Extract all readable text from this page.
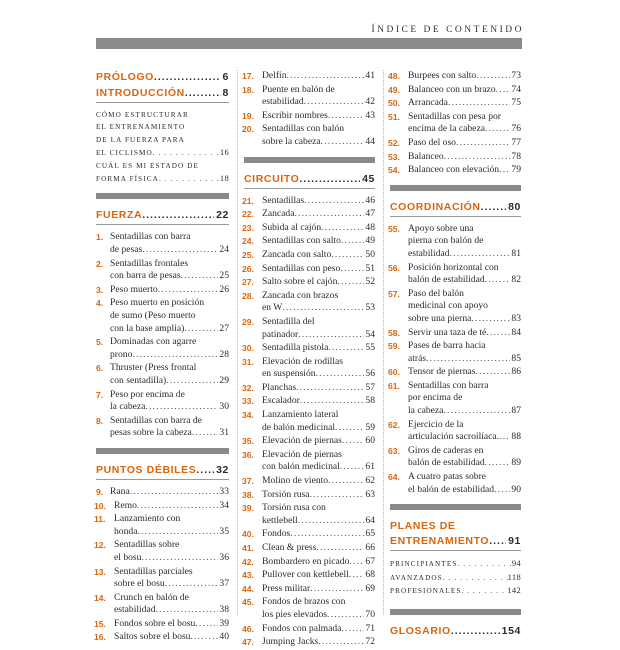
ÍNDICE DE CONTENIDO
PRÓLOGO .....	6
INTRODUCCIÓN .....	8
CÓMO ESTRUCTURAR
EL ENTRENAMIENTO
DE LA FUERZA PARA
EL CICLISMO . . .	16
CUÁL ES MI ESTADO DE
FORMA FÍSICA . . .	18
FUERZA .....	22
1. Sentadillas con barra
de pesas .....	24
2. Sentadillas frontales
con barra de pesas .....	25
3. Peso muerto .....	26
4. Peso muerto en posición
de sumo (Peso muerto
con la base amplia) .....	27
5. Dominadas con agarre
prono .....	28
6. Thruster (Press frontal
con sentadilla) .....	29
7. Peso por encima de
la cabeza .....	30
8. Sentadillas con barra de
pesas sobre la cabeza .....	31
PUNTOS DÉBILES ..... 32
9. Rana .....	33
10. Remo .....	34
11. Lanzamiento con
honda .....	35
12. Sentadillas sobre
el bosu .....	36
13. Sentadillas parciales
sobre el bosu .....	37
14. Crunch en balón de
estabilidad .....	38
15. Fondos sobre el bosu .....	39
16. Saltos sobre el bosu .....	40
17. Delfín .....	41
18. Puente en balón de
estabilidad .....	42
19. Escribir nombres .....	43
20. Sentadillas con balón
sobre la cabeza .....	44
CIRCUITO .....	45
21. Sentadillas .....	46
22. Zancada .....	47
23. Subida al cajón .....	48
24. Sentadillas con salto .....	49
25. Zancada con salto .....	50
26. Sentadillas con peso .....	51
27. Salto sobre el cajón .....	52
28. Zancada con brazos
en W .....	53
29. Sentadilla del
patinador .....	54
30. Sentadilla pistola .....	55
31. Elevación de rodillas
en suspensión .....	56
32. Planchas .....	57
33. Escalador .....	58
34. Lanzamiento lateral
de balón medicinal .....	59
35. Elevación de piernas ..... 60
36. Elevación de piernas
con balón medicinal .....	61
37. Molino de viento .....	62
38. Torsión rusa .....	63
39. Torsión rusa con
kettlebell .....	64
40. Fondos .....	65
41. Clean & press .....	66
42. Bombardero en picado ..... 67
43. Pullover con kettlebell ..... 68
44. Press militar .....	69
45. Fondos de brazos con
los pies elevados .....	70
46. Fondos con palmada .....	71
47. Jumping Jacks .....	72
48. Burpees con salto .....	73
49. Balanceo con un brazo ..... 74
50. Arrancada .....	75
51. Sentadillas con pesa por
encima de la cabeza .....	76
52. Paso del oso .....	77
53. Balanceo .....	78
54. Balanceo con elevación ..... 79
COORDINACIÓN .....	80
55. Apoyo sobre una
pierna con balón de
estabilidad .....	81
56. Posición horizontal con
balón de estabilidad .....	82
57. Paso del balón
medicinal con apoyo
sobre una pierna .....	83
58. Servir una taza de té .....	84
59. Pases de barra hacia
atrás .....	85
60. Tensor de piernas .....	86
61. Sentadillas con barra
por encima de
la cabeza .....	87
62. Ejercicio de la
articulación sacroilíaca. ..... 88
63. Giros de caderas en
balón de estabilidad .....	89
64. A cuatro patas sobre
el balón de estabilidad ..... 90
PLANES DE
ENTRENAMIENTO ..... 91
PRINCIPIANTES . . .	94
AVANZADOS . . .	118
PROFESIONALES . . .	142
GLOSARIO .....	154
